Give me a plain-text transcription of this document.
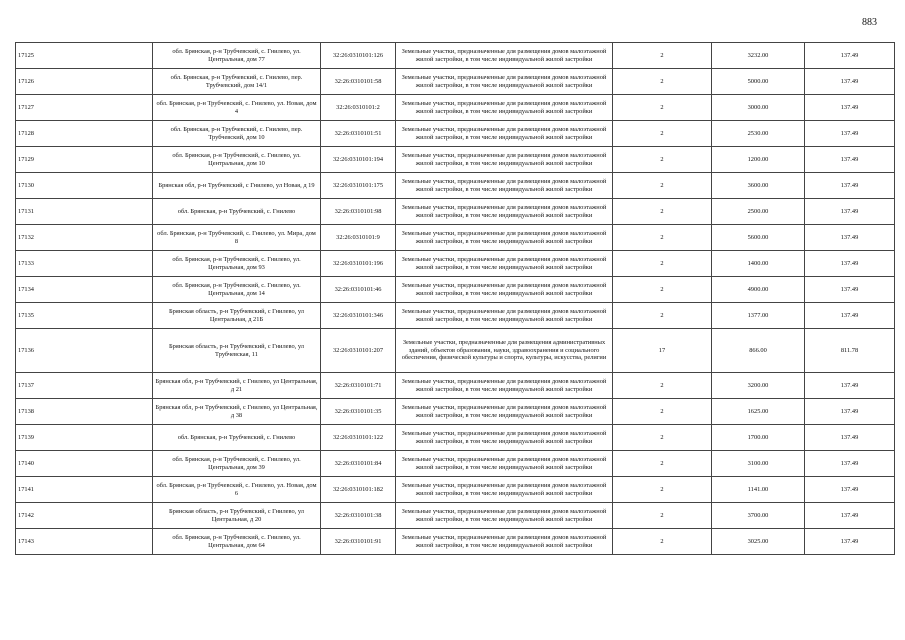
883
17125	обл. Брянская, р-н Трубчевский, с. Гнилево, ул. Центральная, дом 77	32:26:0310101:126	Земельные участки, предназначенные для размещения домов малоэтажной жилой застройки, в том числе индивидуальной жилой застройки	2	3232.00	137.49	
17126	обл. Брянская, р-н Трубчевский, с. Гнилево, пер. Трубчевский, дом 14/1	32:26:0310101:58	Земельные участки, предназначенные для размещения домов малоэтажной жилой застройки, в том числе индивидуальной жилой застройки	2	5000.00	137.49	
17127	обл. Брянская, р-н Трубчевский, с. Гнилево, ул. Новая, дом 4	32:26:0310101:2	Земельные участки, предназначенные для размещения домов малоэтажной жилой застройки, в том числе индивидуальной жилой застройки	2	3000.00	137.49	
17128	обл. Брянская, р-н Трубчевский, с. Гнилево, пер. Трубчевский, дом 10	32:26:0310101:51	Земельные участки, предназначенные для размещения домов малоэтажной жилой застройки, в том числе индивидуальной жилой застройки	2	2530.00	137.49	
17129	обл. Брянская, р-н Трубчевский, с. Гнилево, ул. Центральная, дом 10	32:26:0310101:194	Земельные участки, предназначенные для размещения домов малоэтажной жилой застройки, в том числе индивидуальной жилой застройки	2	1200.00	137.49	
17130	Брянская обл, р-н Трубчевский, с Гнилево, ул Новая, д 19	32:26:0310101:175	Земельные участки, предназначенные для размещения домов малоэтажной жилой застройки, в том числе индивидуальной жилой застройки	2	3600.00	137.49	
17131	обл. Брянская, р-н Трубчевский, с. Гнилево	32:26:0310101:98	Земельные участки, предназначенные для размещения домов малоэтажной жилой застройки, в том числе индивидуальной жилой застройки	2	2500.00	137.49	
17132	обл. Брянская, р-н Трубчевский, с. Гнилево, ул. Мира, дом 8	32:26:0310101:9	Земельные участки, предназначенные для размещения домов малоэтажной жилой застройки, в том числе индивидуальной жилой застройки	2	5600.00	137.49	
17133	обл. Брянская, р-н Трубчевский, с. Гнилево, ул. Центральная, дом 93	32:26:0310101:196	Земельные участки, предназначенные для размещения домов малоэтажной жилой застройки, в том числе индивидуальной жилой застройки	2	1400.00	137.49	
17134	обл. Брянская, р-н Трубчевский, с. Гнилево, ул. Центральная, дом 14	32:26:0310101:46	Земельные участки, предназначенные для размещения домов малоэтажной жилой застройки, в том числе индивидуальной жилой застройки	2	4900.00	137.49	
17135	Брянская область, р-н Трубчевский, с Гнилево, ул Центральная, д 21Б	32:26:0310101:346	Земельные участки, предназначенные для размещения домов малоэтажной жилой застройки, в том числе индивидуальной жилой застройки	2	1377.00	137.49	
17136	Брянская область, р-н Трубчевский, с Гнилево, ул Трубчевская, 11	32:26:0310101:207	Земельные участки, предназначенные для размещения административных зданий, объектов образования, науки, здравоохранения и социального обеспечения, физической культуры и спорта, культуры, искусства, религии	17	866.00	811.78	
17137	Брянская обл, р-н Трубчевский, с Гнилево, ул Центральная, д 21	32:26:0310101:71	Земельные участки, предназначенные для размещения домов малоэтажной жилой застройки, в том числе индивидуальной жилой застройки	2	3200.00	137.49	
17138	Брянская обл, р-н Трубчевский, с Гнилево, ул Центральная, д 38	32:26:0310101:35	Земельные участки, предназначенные для размещения домов малоэтажной жилой застройки, в том числе индивидуальной жилой застройки	2	1625.00	137.49	
17139	обл. Брянская, р-н Трубчевский, с. Гнилево	32:26:0310101:122	Земельные участки, предназначенные для размещения домов малоэтажной жилой застройки, в том числе индивидуальной жилой застройки	2	1700.00	137.49	
17140	обл. Брянская, р-н Трубчевский, с. Гнилево, ул. Центральная, дом 39	32:26:0310101:84	Земельные участки, предназначенные для размещения домов малоэтажной жилой застройки, в том числе индивидуальной жилой застройки	2	3100.00	137.49	
17141	обл. Брянская, р-н Трубчевский, с. Гнилево, ул. Новая, дом 6	32:26:0310101:182	Земельные участки, предназначенные для размещения домов малоэтажной жилой застройки, в том числе индивидуальной жилой застройки	2	1141.00	137.49	
17142	Брянская область, р-н Трубчевский, с Гнилево, ул Центральная, д 20	32:26:0310101:38	Земельные участки, предназначенные для размещения домов малоэтажной жилой застройки, в том числе индивидуальной жилой застройки	2	3700.00	137.49	
17143	обл. Брянская, р-н Трубчевский, с. Гнилево, ул. Центральная, дом 64	32:26:0310101:91	Земельные участки, предназначенные для размещения домов малоэтажной жилой застройки, в том числе индивидуальной жилой застройки	2	3025.00	137.49	
